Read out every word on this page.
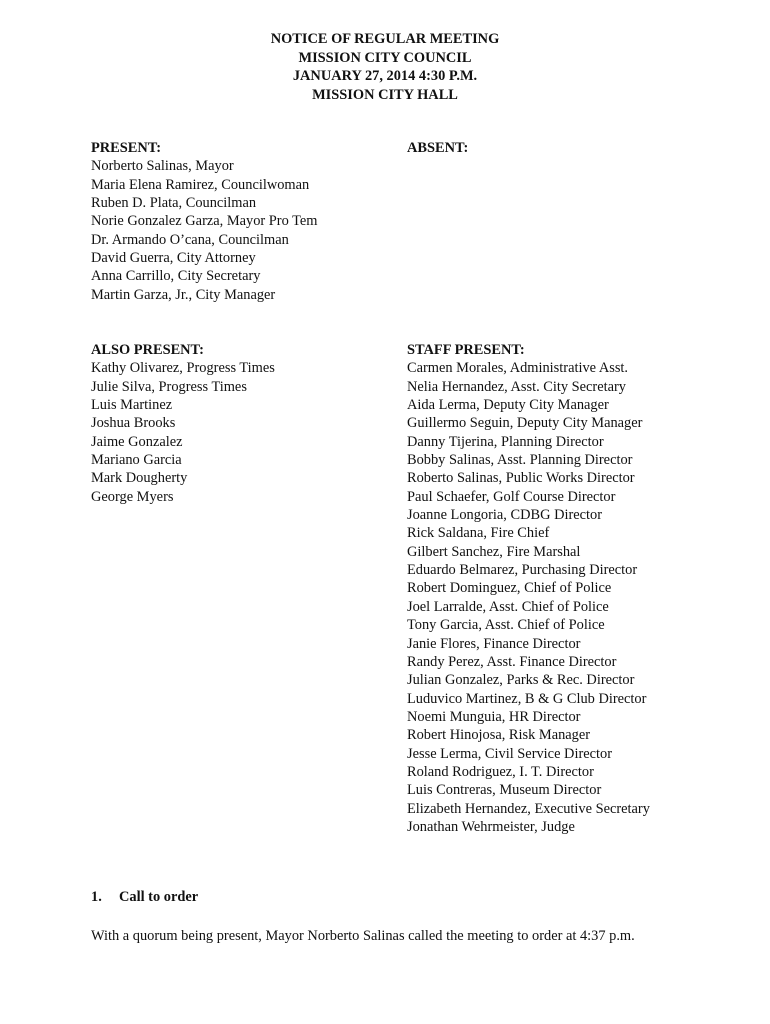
NOTICE OF REGULAR MEETING
MISSION CITY COUNCIL
JANUARY 27, 2014 4:30 P.M.
MISSION CITY HALL
PRESENT:
Norberto Salinas, Mayor
Maria Elena Ramirez, Councilwoman
Ruben D. Plata, Councilman
Norie Gonzalez Garza, Mayor Pro Tem
Dr. Armando O’cana, Councilman
David Guerra, City Attorney
Anna Carrillo, City Secretary
Martin Garza, Jr., City Manager
ABSENT:
ALSO PRESENT:
Kathy Olivarez, Progress Times
Julie Silva, Progress Times
Luis Martinez
Joshua Brooks
Jaime Gonzalez
Mariano Garcia
Mark Dougherty
George Myers
STAFF PRESENT:
Carmen Morales, Administrative Asst.
Nelia Hernandez, Asst. City Secretary
Aida Lerma, Deputy City Manager
Guillermo Seguin, Deputy City Manager
Danny Tijerina, Planning Director
Bobby Salinas, Asst. Planning Director
Roberto Salinas, Public Works Director
Paul Schaefer, Golf Course Director
Joanne Longoria, CDBG Director
Rick Saldana, Fire Chief
Gilbert Sanchez, Fire Marshal
Eduardo Belmarez, Purchasing Director
Robert Dominguez, Chief of Police
Joel Larralde, Asst. Chief of Police
Tony Garcia, Asst. Chief of Police
Janie Flores, Finance Director
Randy Perez, Asst. Finance Director
Julian Gonzalez, Parks & Rec. Director
Luduvico Martinez, B & G Club Director
Noemi Munguia, HR Director
Robert Hinojosa, Risk Manager
Jesse Lerma, Civil Service Director
Roland Rodriguez, I. T. Director
Luis Contreras, Museum Director
Elizabeth Hernandez, Executive Secretary
Jonathan Wehrmeister, Judge
1. Call to order
With a quorum being present, Mayor Norberto Salinas called the meeting to order at 4:37 p.m.
